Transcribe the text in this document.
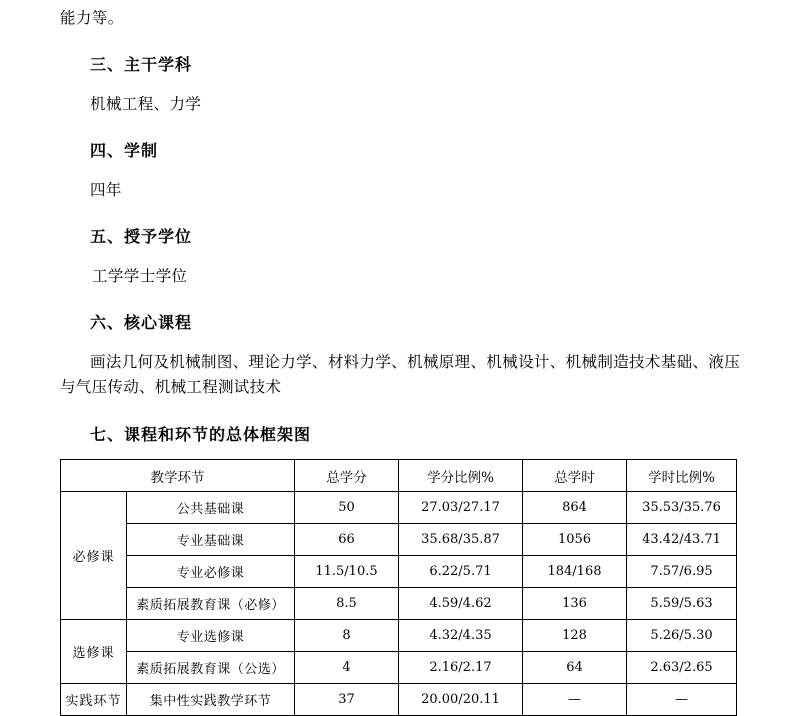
能力等。
三、主干学科
机械工程、力学
四、学制
四年
五、授予学位
工学学士学位
六、核心课程
画法几何及机械制图、理论力学、材料力学、机械原理、机械设计、机械制造技术基础、液压与气压传动、机械工程测试技术
七、课程和环节的总体框架图
教学环节		总学分	学分比例%	总学时	学时比例%
必修课	公共基础课	50	27.03/27.17	864	35.53/35.76
	专业基础课	66	35.68/35.87	1056	43.42/43.71
	专业必修课	11.5/10.5	6.22/5.71	184/168	7.57/6.95
	素质拓展教育课（必修）	8.5	4.59/4.62	136	5.59/5.63
选修课	专业选修课	8	4.32/4.35	128	5.26/5.30
	素质拓展教育课（公选）	4	2.16/2.17	64	2.63/2.65
实践环节	集中性实践教学环节	37	20.00/20.11	—	—
